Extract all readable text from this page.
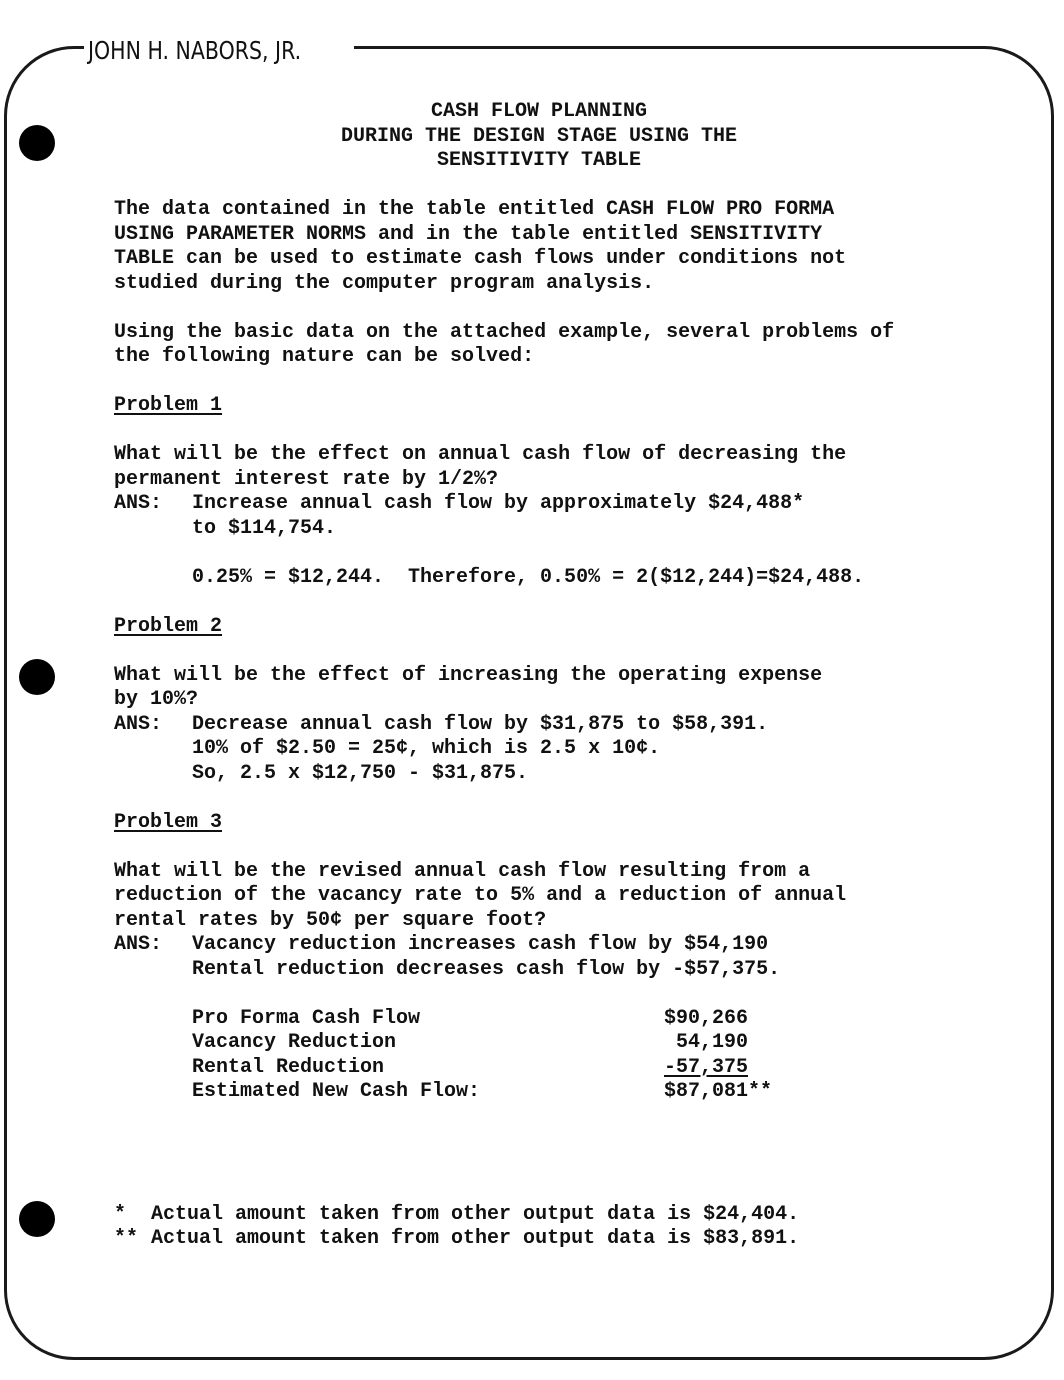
JOHN H. NABORS, JR.
CASH FLOW PLANNING
DURING THE DESIGN STAGE USING THE
SENSITIVITY TABLE
The data contained in the table entitled CASH FLOW PRO FORMA
USING PARAMETER NORMS and in the table entitled SENSITIVITY
TABLE can be used to estimate cash flows under conditions not
studied during the computer program analysis.
Using the basic data on the attached example, several problems of
the following nature can be solved:
Problem 1
What will be the effect on annual cash flow of decreasing the
permanent interest rate by 1/2%?
ANS:	Increase annual cash flow by approximately $24,488*
to $114,754.
0.25% = $12,244.  Therefore, 0.50% = 2($12,244)=$24,488.
Problem 2
What will be the effect of increasing the operating expense
by 10%?
ANS:	Decrease annual cash flow by $31,875 to $58,391.
10% of $2.50 = 25¢, which is 2.5 x 10¢.
So, 2.5 x $12,750 - $31,875.
Problem 3
What will be the revised annual cash flow resulting from a
reduction of the vacancy rate to 5% and a reduction of annual
rental rates by 50¢ per square foot?
ANS:	Vacancy reduction increases cash flow by $54,190
Rental reduction decreases cash flow by -$57,375.
Pro Forma Cash Flow	$90,266
Vacancy Reduction	54,190
Rental Reduction	-57,375
Estimated New Cash Flow:	$87,081**
*	Actual amount taken from other output data is $24,404.
** Actual amount taken from other output data is $83,891.
